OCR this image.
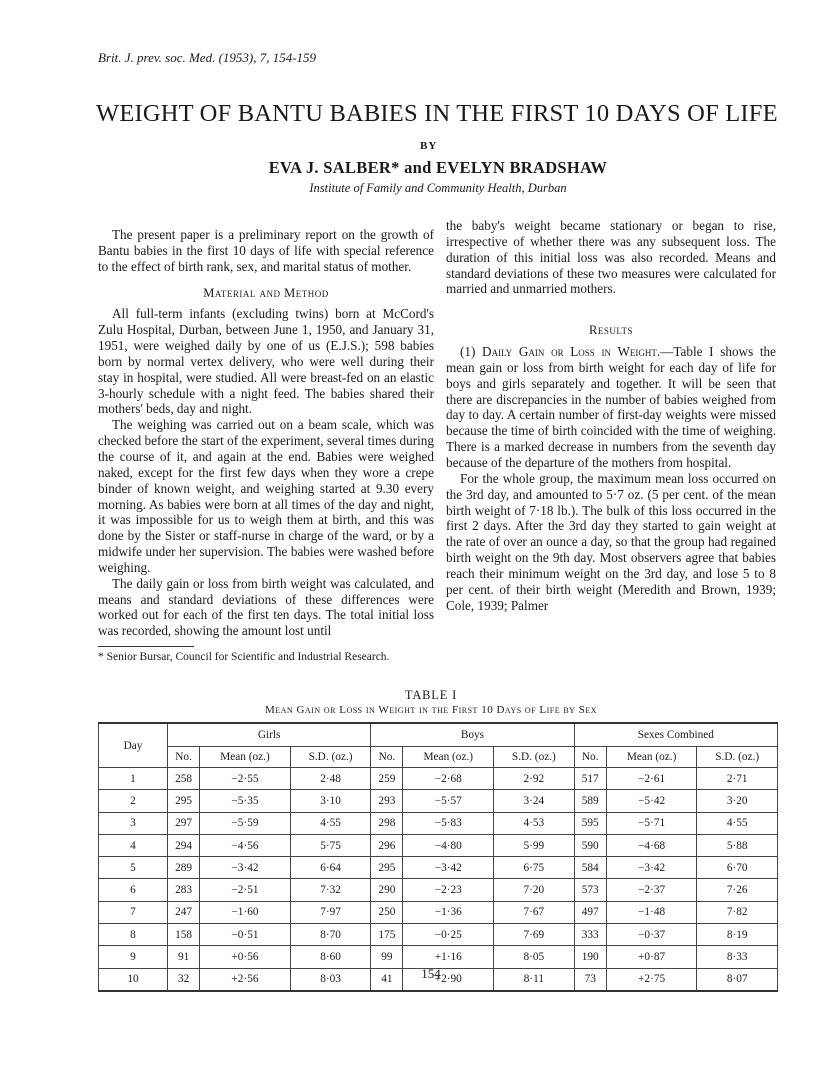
Brit. J. prev. soc. Med. (1953), 7, 154-159
WEIGHT OF BANTU BABIES IN THE FIRST 10 DAYS OF LIFE
BY
EVA J. SALBER* and EVELYN BRADSHAW
Institute of Family and Community Health, Durban

The present paper is a preliminary report on the growth of Bantu babies in the first 10 days of life with special reference to the effect of birth rank, sex, and marital status of mother.

Material and Method

All full-term infants (excluding twins) born at McCord's Zulu Hospital, Durban, between June 1, 1950, and January 31, 1951, were weighed daily by one of us (E.J.S.); 598 babies born by normal vertex delivery, who were well during their stay in hospital, were studied. All were breast-fed on an elastic 3-hourly schedule with a night feed. The babies shared their mothers' beds, day and night.

The weighing was carried out on a beam scale, which was checked before the start of the experiment, several times during the course of it, and again at the end. Babies were weighed naked, except for the first few days when they wore a crepe binder of known weight, and weighing started at 9.30 every morning. As babies were born at all times of the day and night, it was impossible for us to weigh them at birth, and this was done by the Sister or staff-nurse in charge of the ward, or by a midwife under her supervision. The babies were washed before weighing.

The daily gain or loss from birth weight was calculated, and means and standard deviations of these differences were worked out for each of the first ten days. The total initial loss was recorded, showing the amount lost until

the baby's weight became stationary or began to rise, irrespective of whether there was any subsequent loss. The duration of this initial loss was also recorded. Means and standard deviations of these two measures were calculated for married and unmarried mothers.

Results

(1) Daily Gain or Loss in Weight.—Table I shows the mean gain or loss from birth weight for each day of life for boys and girls separately and together. It will be seen that there are discrepancies in the number of babies weighed from day to day. A certain number of first-day weights were missed because the time of birth coincided with the time of weighing. There is a marked decrease in numbers from the seventh day because of the departure of the mothers from hospital.

For the whole group, the maximum mean loss occurred on the 3rd day, and amounted to 5·7 oz. (5 per cent. of the mean birth weight of 7·18 lb.). The bulk of this loss occurred in the first 2 days. After the 3rd day they started to gain weight at the rate of over an ounce a day, so that the group had regained birth weight on the 9th day. Most observers agree that babies reach their minimum weight on the 3rd day, and lose 5 to 8 per cent. of their birth weight (Meredith and Brown, 1939; Cole, 1939; Palmer

* Senior Bursar, Council for Scientific and Industrial Research.
TABLE I
Mean Gain or Loss in Weight in the First 10 Days of Life by Sex
Day	Girls			Boys			Sexes Combined		
	No.	Mean (oz.)	S.D. (oz.)	No.	Mean (oz.)	S.D. (oz.)	No.	Mean (oz.)	S.D. (oz.)
1	258	−2·55	2·48	259	−2·68	2·92	517	−2·61	2·71
2	295	−5·35	3·10	293	−5·57	3·24	589	−5·42	3·20
3	297	−5·59	4·55	298	−5·83	4·53	595	−5·71	4·55
4	294	−4·56	5·75	296	−4·80	5·99	590	−4·68	5·88
5	289	−3·42	6·64	295	−3·42	6·75	584	−3·42	6·70
6	283	−2·51	7·32	290	−2·23	7·20	573	−2·37	7·26
7	247	−1·60	7·97	250	−1·36	7·67	497	−1·48	7·82
8	158	−0·51	8·70	175	−0·25	7·69	333	−0·37	8·19
9	91	+0·56	8·60	99	+1·16	8·05	190	+0·87	8·33
10	32	+2·56	8·03	41	+2·90	8·11	73	+2·75	8·07
154
